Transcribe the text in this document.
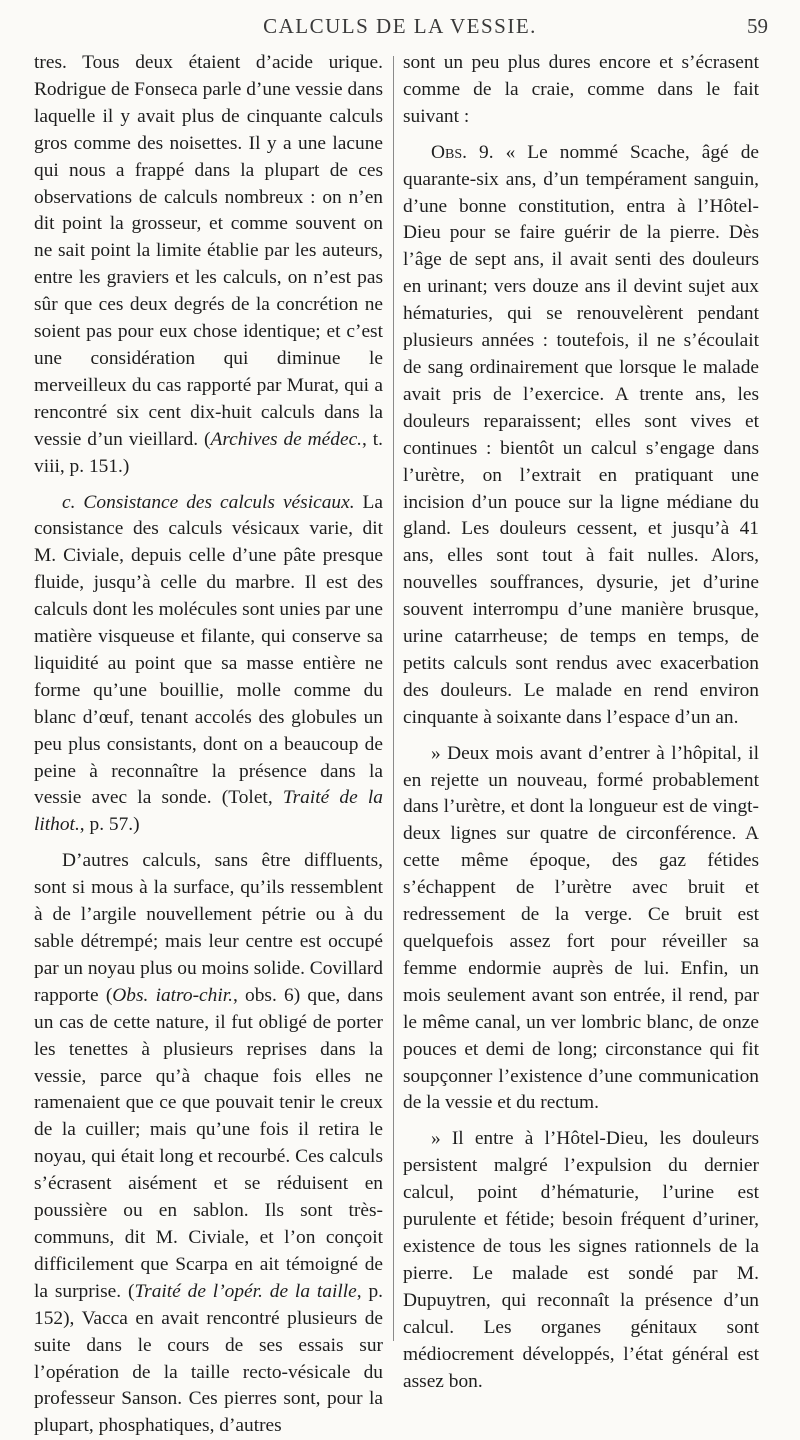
CALCULS DE LA VESSIE.	59

tres. Tous deux étaient d’acide urique. Rodrigue de Fonseca parle d’une vessie dans laquelle il y avait plus de cinquante calculs gros comme des noisettes. Il y a une lacune qui nous a frappé dans la plupart de ces observations de calculs nombreux : on n’en dit point la grosseur, et comme souvent on ne sait point la limite établie par les auteurs, entre les graviers et les calculs, on n’est pas sûr que ces deux degrés de la concrétion ne soient pas pour eux chose identique; et c’est une considération qui diminue le merveilleux du cas rapporté par Murat, qui a rencontré six cent dix-huit calculs dans la vessie d’un vieillard. (Archives de médec., t. viii, p. 151.)

c. Consistance des calculs vésicaux. La consistance des calculs vésicaux varie, dit M. Civiale, depuis celle d’une pâte presque fluide, jusqu’à celle du marbre. Il est des calculs dont les molécules sont unies par une matière visqueuse et filante, qui conserve sa liquidité au point que sa masse entière ne forme qu’une bouillie, molle comme du blanc d’œuf, tenant accolés des globules un peu plus consistants, dont on a beaucoup de peine à reconnaître la présence dans la vessie avec la sonde. (Tolet, Traité de la lithot., p. 57.)

D’autres calculs, sans être diffluents, sont si mous à la surface, qu’ils ressemblent à de l’argile nouvellement pétrie ou à du sable détrempé; mais leur centre est occupé par un noyau plus ou moins solide. Covillard rapporte (Obs. iatro-chir., obs. 6) que, dans un cas de cette nature, il fut obligé de porter les tenettes à plusieurs reprises dans la vessie, parce qu’à chaque fois elles ne ramenaient que ce que pouvait tenir le creux de la cuiller; mais qu’une fois il retira le noyau, qui était long et recourbé. Ces calculs s’écrasent aisément et se réduisent en poussière ou en sablon. Ils sont très-communs, dit M. Civiale, et l’on conçoit difficilement que Scarpa en ait témoigné de la surprise. (Traité de l’opér. de la taille, p. 152), Vacca en avait rencontré plusieurs de suite dans le cours de ses essais sur l’opération de la taille recto-vésicale du professeur Sanson. Ces pierres sont, pour la plupart, phosphatiques, d’autres

sont un peu plus dures encore et s’écrasent comme de la craie, comme dans le fait suivant :

Obs. 9. « Le nommé Scache, âgé de quarante-six ans, d’un tempérament sanguin, d’une bonne constitution, entra à l’Hôtel-Dieu pour se faire guérir de la pierre. Dès l’âge de sept ans, il avait senti des douleurs en urinant; vers douze ans il devint sujet aux hématuries, qui se renouvelèrent pendant plusieurs années : toutefois, il ne s’écoulait de sang ordinairement que lorsque le malade avait pris de l’exercice. A trente ans, les douleurs reparaissent; elles sont vives et continues : bientôt un calcul s’engage dans l’urètre, on l’extrait en pratiquant une incision d’un pouce sur la ligne médiane du gland. Les douleurs cessent, et jusqu’à 41 ans, elles sont tout à fait nulles. Alors, nouvelles souffrances, dysurie, jet d’urine souvent interrompu d’une manière brusque, urine catarrheuse; de temps en temps, de petits calculs sont rendus avec exacerbation des douleurs. Le malade en rend environ cinquante à soixante dans l’espace d’un an.

» Deux mois avant d’entrer à l’hôpital, il en rejette un nouveau, formé probablement dans l’urètre, et dont la longueur est de vingt-deux lignes sur quatre de circonférence. A cette même époque, des gaz fétides s’échappent de l’urètre avec bruit et redressement de la verge. Ce bruit est quelquefois assez fort pour réveiller sa femme endormie auprès de lui. Enfin, un mois seulement avant son entrée, il rend, par le même canal, un ver lombric blanc, de onze pouces et demi de long; circonstance qui fit soupçonner l’existence d’une communication de la vessie et du rectum.

» Il entre à l’Hôtel-Dieu, les douleurs persistent malgré l’expulsion du dernier calcul, point d’hématurie, l’urine est purulente et fétide; besoin fréquent d’uriner, existence de tous les signes rationnels de la pierre. Le malade est sondé par M. Dupuytren, qui reconnaît la présence d’un calcul. Les organes génitaux sont médiocrement développés, l’état général est assez bon.
